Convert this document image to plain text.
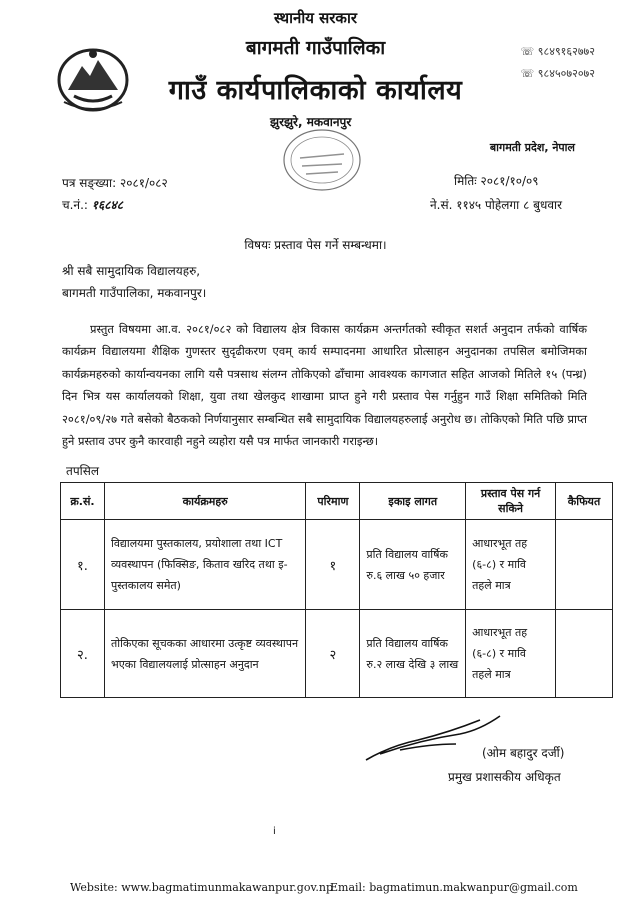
स्थानीय सरकार
बागमती गाउँपालिका
गाउँ कार्यपालिकाको कार्यालय
☏ ९८४९१६२७७२
☏ ९८४५०७२०७२
झुरझुरे, मकवानपुर
बागमती प्रदेश, नेपाल
पत्र सङ्ख्या: २०८१/०८२
च.नं.: १६८४८
मितिः २०८१/१०/०९
ने.सं. ११४५ पोहेलगा ८ बुधवार
विषयः प्रस्ताव पेस गर्ने सम्बन्धमा।
श्री सबै सामुदायिक विद्यालयहरु,
बागमती गाउँपालिका, मकवानपुर।
प्रस्तुत विषयमा आ.व. २०८१/०८२ को विद्यालय क्षेत्र विकास कार्यक्रम अन्तर्गतको स्वीकृत सशर्त अनुदान तर्फको वार्षिक कार्यक्रम विद्यालयमा शैक्षिक गुणस्तर सुदृढीकरण एवम् कार्य सम्पादनमा आधारित प्रोत्साहन अनुदानका तपसिल बमोजिमका कार्यक्रमहरुको कार्यान्वयनका लागि यसै पत्रसाथ संलग्न तोकिएको ढाँचामा आवश्यक कागजात सहित आजको मितिले १५ (पन्ध्र) दिन भित्र यस कार्यालयको शिक्षा, युवा तथा खेलकुद शाखामा प्राप्त हुने गरी प्रस्ताव पेस गर्नुहुन गाउँ शिक्षा समितिको मिति २०८१/०९/२७ गते बसेको बैठकको निर्णयानुसार सम्बन्धित सबै सामुदायिक विद्यालयहरुलाई अनुरोध छ। तोकिएको मिति पछि प्राप्त हुने प्रस्ताव उपर कुनै कारवाही नहुने व्यहोरा यसै पत्र मार्फत जानकारी गराइन्छ।
तपसिल
क्र.सं.	कार्यक्रमहरु	परिमाण	इकाइ लागत	प्रस्ताव पेस गर्न सकिने	कैफियत
१.	विद्यालयमा पुस्तकालय, प्रयोशाला तथा ICT व्यवस्थापन (फिक्सिङ, किताव खरिद तथा इ-पुस्तकालय समेत)	१	प्रति विद्यालय वार्षिक रु.६ लाख ५० हजार	आधारभूत तह (६-८) र मावि तहले मात्र	
२.	तोकिएका सूचकका आधारमा उत्कृष्ट व्यवस्थापन भएका विद्यालयलाई प्रोत्साहन अनुदान	२	प्रति विद्यालय वार्षिक रु.२ लाख देखि ३ लाख	आधारभूत तह (६-८) र मावि तहले मात्र	
(ओम बहादुर दर्जी)
प्रमुख प्रशासकीय अधिकृत
i
Website: www.bagmatimunmakawanpur.gov.np
Email: bagmatimun.makwanpur@gmail.com
